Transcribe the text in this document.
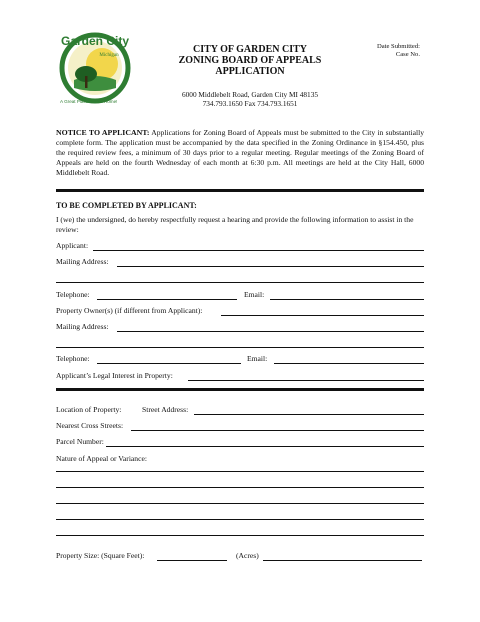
Garden City
Michigan
A Great Place to Call Home!
CITY OF GARDEN CITY
ZONING BOARD OF APPEALS
APPLICATION
6000 Middlebelt Road, Garden City MI 48135
734.793.1650 Fax 734.793.1651
Date Submitted:
Case No.
NOTICE TO APPLICANT: Applications for Zoning Board of Appeals must be submitted to the City in substantially complete form. The application must be accompanied by the data specified in the Zoning Ordinance in §154.450, plus the required review fees, a minimum of 30 days prior to a regular meeting. Regular meetings of the Zoning Board of Appeals are held on the fourth Wednesday of each month at 6:30 p.m. All meetings are held at the City Hall, 6000 Middlebelt Road.
TO BE COMPLETED BY APPLICANT:
I (we) the undersigned, do hereby respectfully request a hearing and provide the following information to assist in the review:
Applicant:
Mailing Address:
Telephone:	Email:
Property Owner(s) (if different from Applicant):
Mailing Address:
Telephone:	Email:
Applicant’s Legal Interest in Property:
Location of Property:	Street Address:
Nearest Cross Streets:
Parcel Number:
Nature of Appeal or Variance:
Property Size: (Square Feet):	(Acres)
